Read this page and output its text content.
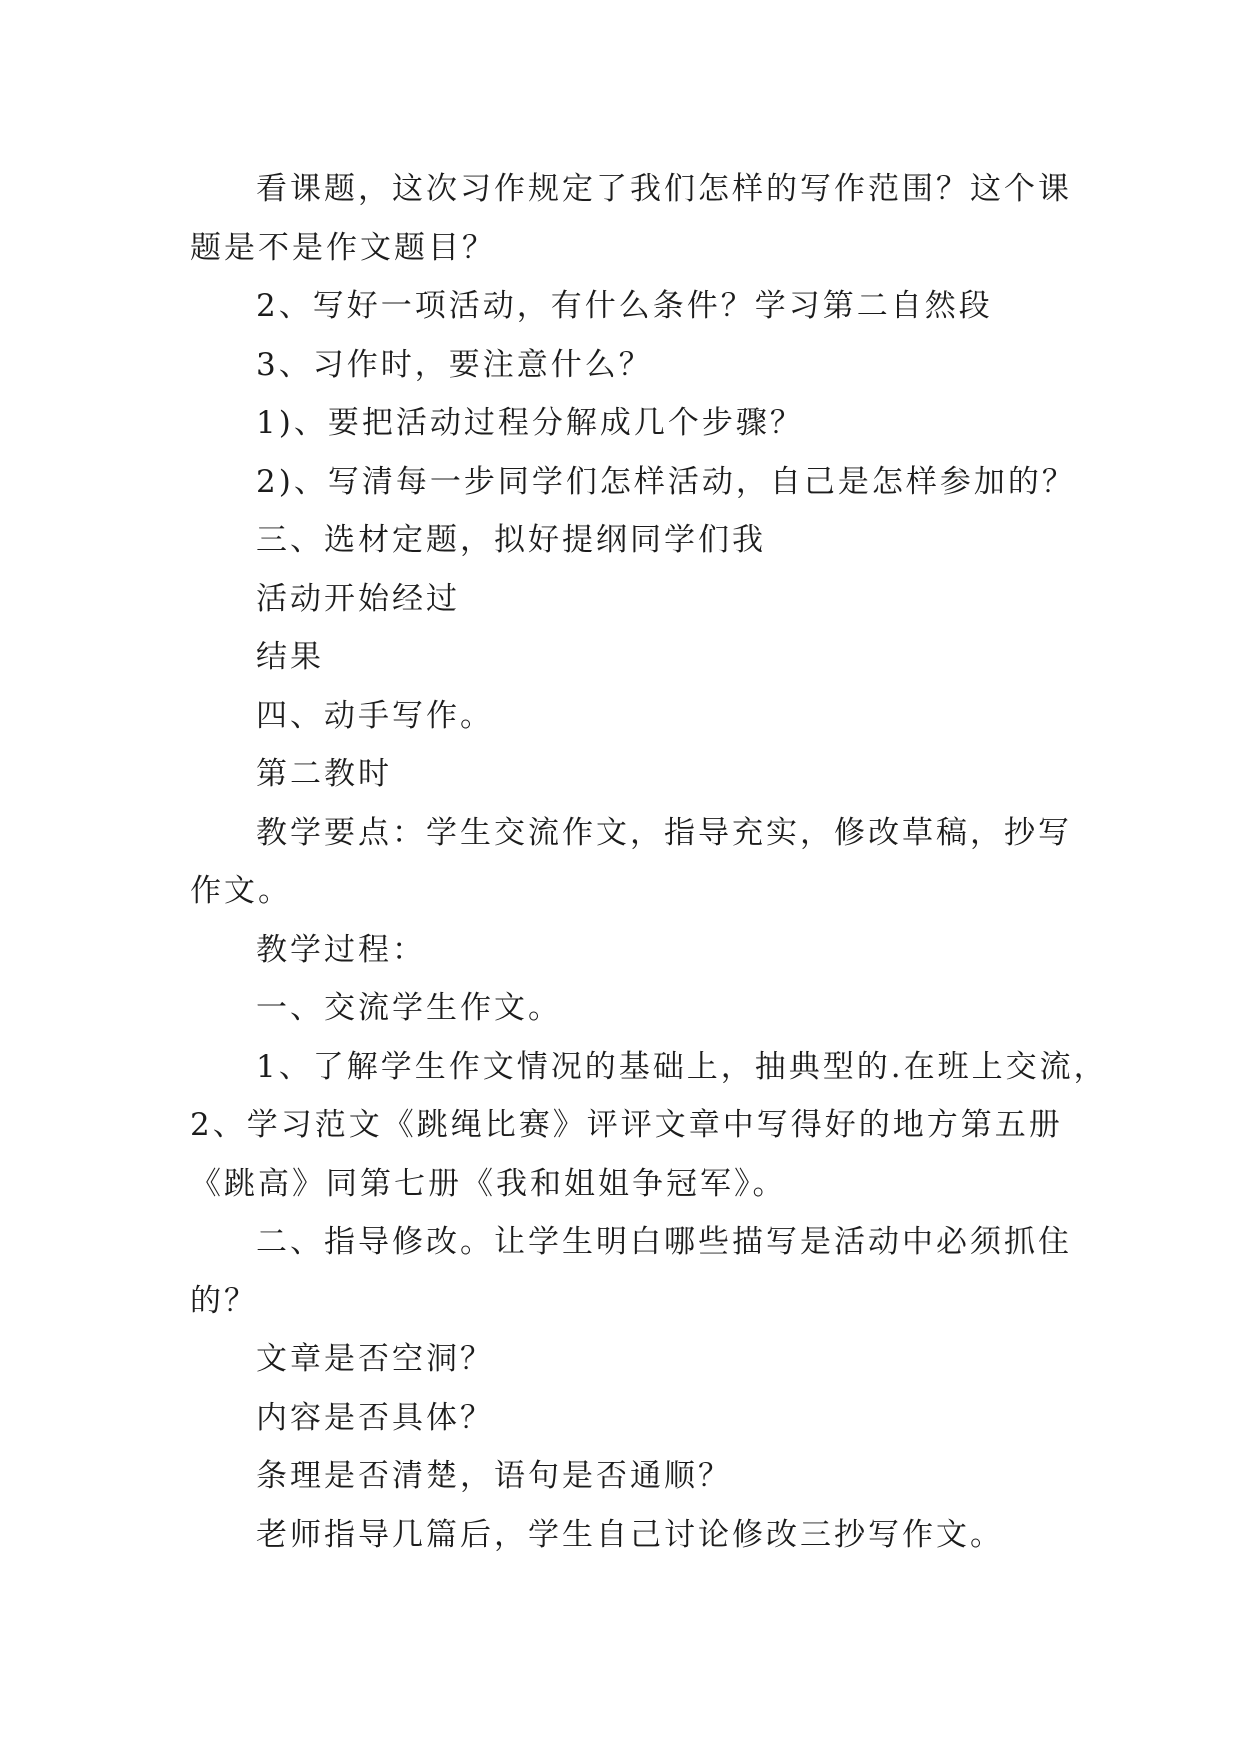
看课题，这次习作规定了我们怎样的写作范围？这个课
题是不是作文题目？
2、写好一项活动，有什么条件？学习第二自然段
3、习作时，要注意什么？
1)、要把活动过程分解成几个步骤？
2)、写清每一步同学们怎样活动，自己是怎样参加的？
三、选材定题，拟好提纲同学们我
活动开始经过
结果
四、动手写作。
第二教时
教学要点：学生交流作文，指导充实，修改草稿，抄写
作文。
教学过程：
一、交流学生作文。
1、了解学生作文情况的基础上，抽典型的.在班上交流，
2、学习范文《跳绳比赛》评评文章中写得好的地方第五册
《跳高》同第七册《我和姐姐争冠军》。
二、指导修改。让学生明白哪些描写是活动中必须抓住
的？
文章是否空洞？
内容是否具体？
条理是否清楚，语句是否通顺？
老师指导几篇后，学生自己讨论修改三抄写作文。
